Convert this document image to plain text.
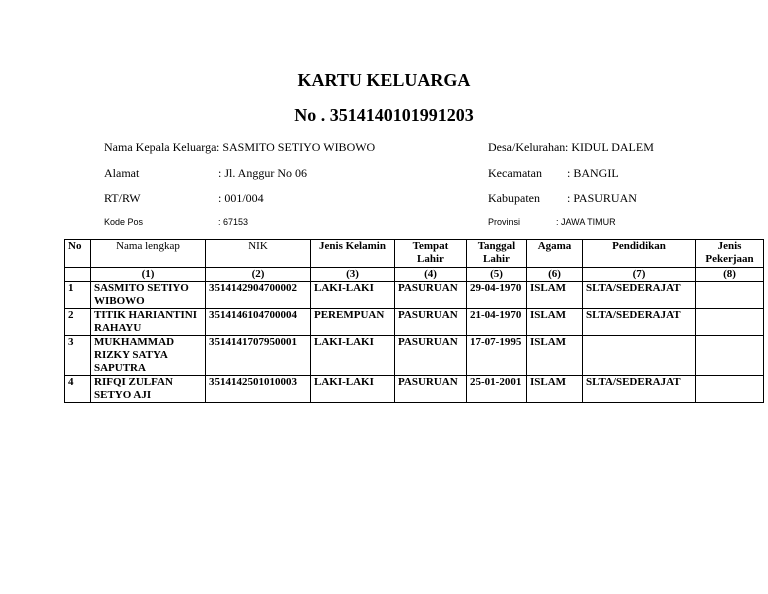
KARTU KELUARGA
No . 3514140101991203
Nama Kepala Keluarga : SASMITO SETIYO WIBOWO
Alamat	: Jl. Anggur No 06
RT/RW	: 001/004
Kode Pos	: 67153
Desa/Kelurahan : KIDUL DALEM
Kecamatan : BANGIL
Kabupaten : PASURUAN
Provinsi	: JAWA TIMUR
No	Nama lengkap	NIK	Jenis Kelamin	Tempat Lahir	Tanggal Lahir	Agama	Pendidikan	Jenis Pekerjaan
	(1)	(2)	(3)	(4)	(5)	(6)	(7)	(8)
1	SASMITO SETIYO WIBOWO	3514142904700002	LAKI-LAKI	PASURUAN	29-04-1970	ISLAM	SLTA/SEDERAJAT	
2	TITIK HARIANTINI RAHAYU	3514146104700004	PEREMPUAN	PASURUAN	21-04-1970	ISLAM	SLTA/SEDERAJAT	
3	MUKHAMMAD RIZKY SATYA SAPUTRA	3514141707950001	LAKI-LAKI	PASURUAN	17-07-1995	ISLAM		
4	RIFQI ZULFAN SETYO AJI	3514142501010003	LAKI-LAKI	PASURUAN	25-01-2001	ISLAM	SLTA/SEDERAJAT	
